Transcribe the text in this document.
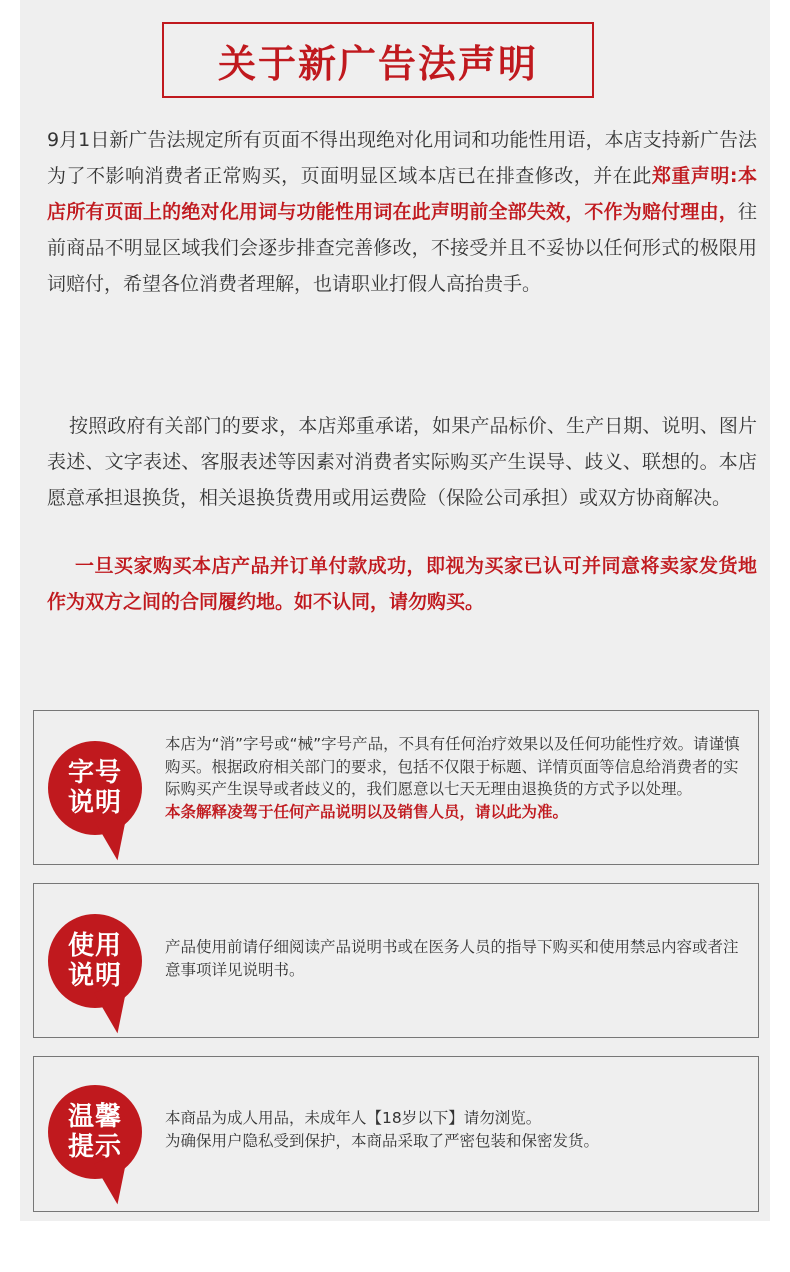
关于新广告法声明

9月1日新广告法规定所有页面不得出现绝对化用词和功能性用语，本店支持新广告法为了不影响消费者正常购买，页面明显区域本店已在排查修改，并在此郑重声明:本店所有页面上的绝对化用词与功能性用词在此声明前全部失效，不作为赔付理由，往前商品不明显区域我们会逐步排查完善修改，不接受并且不妥协以任何形式的极限用词赔付，希望各位消费者理解，也请职业打假人高抬贵手。

按照政府有关部门的要求，本店郑重承诺，如果产品标价、生产日期、说明、图片表述、文字表述、客服表述等因素对消费者实际购买产生误导、歧义、联想的。本店愿意承担退换货，相关退换货费用或用运费险（保险公司承担）或双方协商解决。

一旦买家购买本店产品并订单付款成功，即视为买家已认可并同意将卖家发货地作为双方之间的合同履约地。如不认同，请勿购买。

字号说明

本店为“消”字号或“械”字号产品，不具有任何治疗效果以及任何功能性疗效。请谨慎购买。根据政府相关部门的要求，包括不仅限于标题、详情页面等信息给消费者的实际购买产生误导或者歧义的，我们愿意以七天无理由退换货的方式予以处理。
本条解释凌驾于任何产品说明以及销售人员，请以此为准。

使用说明

产品使用前请仔细阅读产品说明书或在医务人员的指导下购买和使用禁忌内容或者注意事项详见说明书。

温馨提示

本商品为成人用品，未成年人【18岁以下】请勿浏览。
为确保用户隐私受到保护，本商品采取了严密包装和保密发货。
